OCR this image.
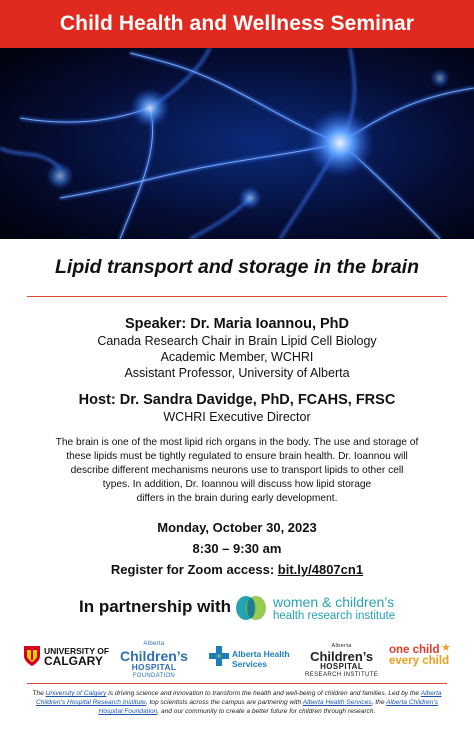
Child Health and Wellness Seminar
Lipid transport and storage in the brain
Speaker: Dr. Maria Ioannou, PhD
Canada Research Chair in Brain Lipid Cell Biology
Academic Member, WCHRI
Assistant Professor, University of Alberta
Host: Dr. Sandra Davidge, PhD, FCAHS, FRSC
WCHRI Executive Director
The brain is one of the most lipid rich organs in the body. The use and storage of
these lipids must be tightly regulated to ensure brain health. Dr. Ioannou will
describe different mechanisms neurons use to transport lipids to other cell
types. In addition, Dr. Ioannou will discuss how lipid storage
differs in the brain during early development.
Monday, October 30, 2023
8:30 – 9:30 am
Register for Zoom access: bit.ly/4807cn1
In partnership with	women & children’s
health research institute
UNIVERSITY OF
CALGARY
Alberta
Children’s
HOSPITAL
FOUNDATION
Alberta Health
Services
Alberta
Children’s
HOSPITAL
RESEARCH INSTITUTE
one child
every child
★
The University of Calgary is driving science and innovation to transform the health and well-being of children and families. Led by the Alberta Children’s Hospital Research Institute, top scientists across the campus are partnering with Alberta Health Services, the Alberta Children’s Hospital Foundation, and our community to create a better future for children through research.
